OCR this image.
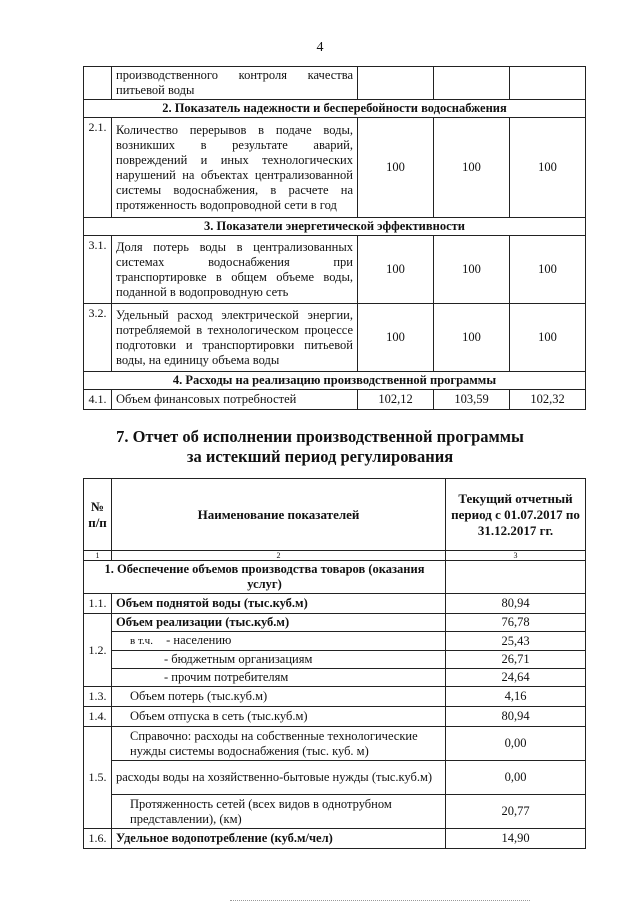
4
	производственного контроля качества питьевой воды			
2. Показатель надежности и бесперебойности водоснабжения				
2.1.	Количество перерывов в подаче воды, возникших в результате аварий, повреждений и иных технологических нарушений на объектах централизованной системы водоснабжения, в расчете на протяженность водопроводной сети в год	100	100	100
3. Показатели энергетической эффективности				
3.1.	Доля потерь воды в централизованных системах водоснабжения при транспортировке в общем объеме воды, поданной в водопроводную сеть	100	100	100
3.2.	Удельный расход электрической энергии, потребляемой в технологическом процессе подготовки и транспортировки питьевой воды, на единицу объема воды	100	100	100
4. Расходы на реализацию производственной программы				
4.1.	Объем финансовых потребностей	102,12	103,59	102,32
7. Отчет об исполнении производственной программы
за истекший период регулирования
№ п/п	Наименование показателей	Текущий отчетный период с 01.07.2017 по 31.12.2017 гг.
1	2	3
1. Обеспечение объемов производства товаров (оказания услуг)		
1.1.	Объем поднятой воды (тыс.куб.м)	80,94
1.2.	Объем реализации (тыс.куб.м)	76,78
	в т.ч. - населению	25,43
	- бюджетным организациям	26,71
	- прочим потребителям	24,64
1.3.	Объем потерь (тыс.куб.м)	4,16
1.4.	Объем отпуска в сеть (тыс.куб.м)	80,94
1.5.	Справочно: расходы на собственные технологические нужды системы водоснабжения (тыс. куб. м)	0,00
	расходы воды на хозяйственно-бытовые нужды (тыс.куб.м)	0,00
	Протяженность сетей (всех видов в однотрубном представлении), (км)	20,77
1.6.	Удельное водопотребление (куб.м/чел)	14,90
